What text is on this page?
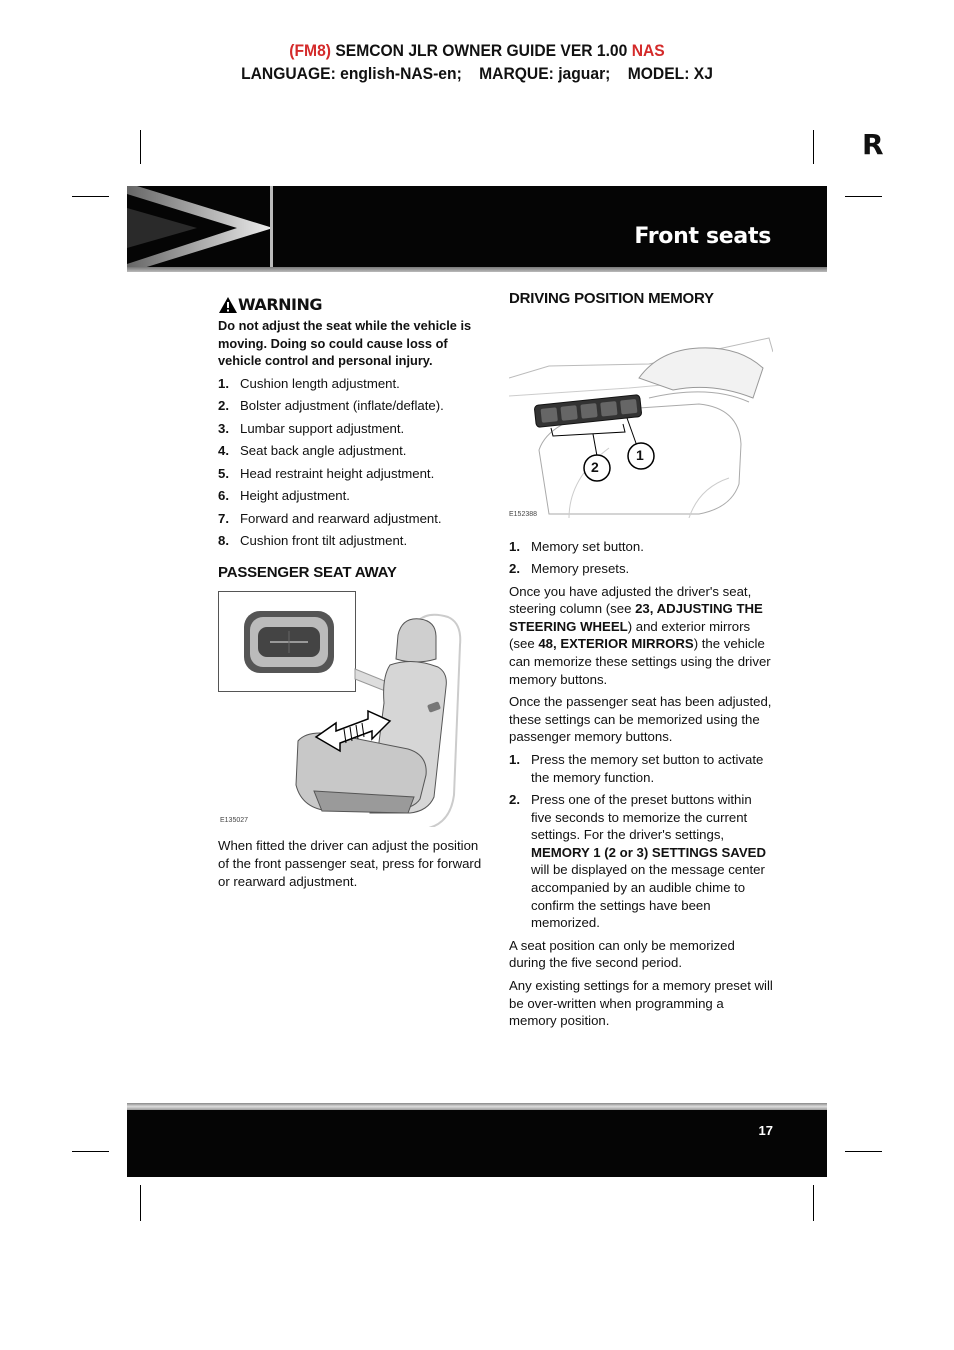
(FM8) SEMCON JLR OWNER GUIDE VER 1.00 NAS
LANGUAGE: english-NAS-en;    MARQUE: jaguar;    MODEL: XJ
R
Front seats
WARNING

Do not adjust the seat while the vehicle is moving. Doing so could cause loss of vehicle control and personal injury.

1. Cushion length adjustment.
2. Bolster adjustment (inflate/deflate).
3. Lumbar support adjustment.
4. Seat back angle adjustment.
5. Head restraint height adjustment.
6. Height adjustment.
7. Forward and rearward adjustment.
8. Cushion front tilt adjustment.
PASSENGER SEAT AWAY
E135027

When fitted the driver can adjust the position of the front passenger seat, press for forward or rearward adjustment.

DRIVING POSITION MEMORY
2
1
E152388
1. Memory set button.
2. Memory presets.

Once you have adjusted the driver's seat, steering column (see 23, ADJUSTING THE STEERING WHEEL) and exterior mirrors (see 48, EXTERIOR MIRRORS) the vehicle can memorize these settings using the driver memory buttons.

Once the passenger seat has been adjusted, these settings can be memorized using the passenger memory buttons.

1. Press the memory set button to activate the memory function.
2. Press one of the preset buttons within five seconds to memorize the current settings. For the driver's settings, MEMORY 1 (2 or 3) SETTINGS SAVED will be displayed on the message center accompanied by an audible chime to confirm the settings have been memorized.

A seat position can only be memorized during the five second period.

Any existing settings for a memory preset will be over-written when programming a memory position.

17
